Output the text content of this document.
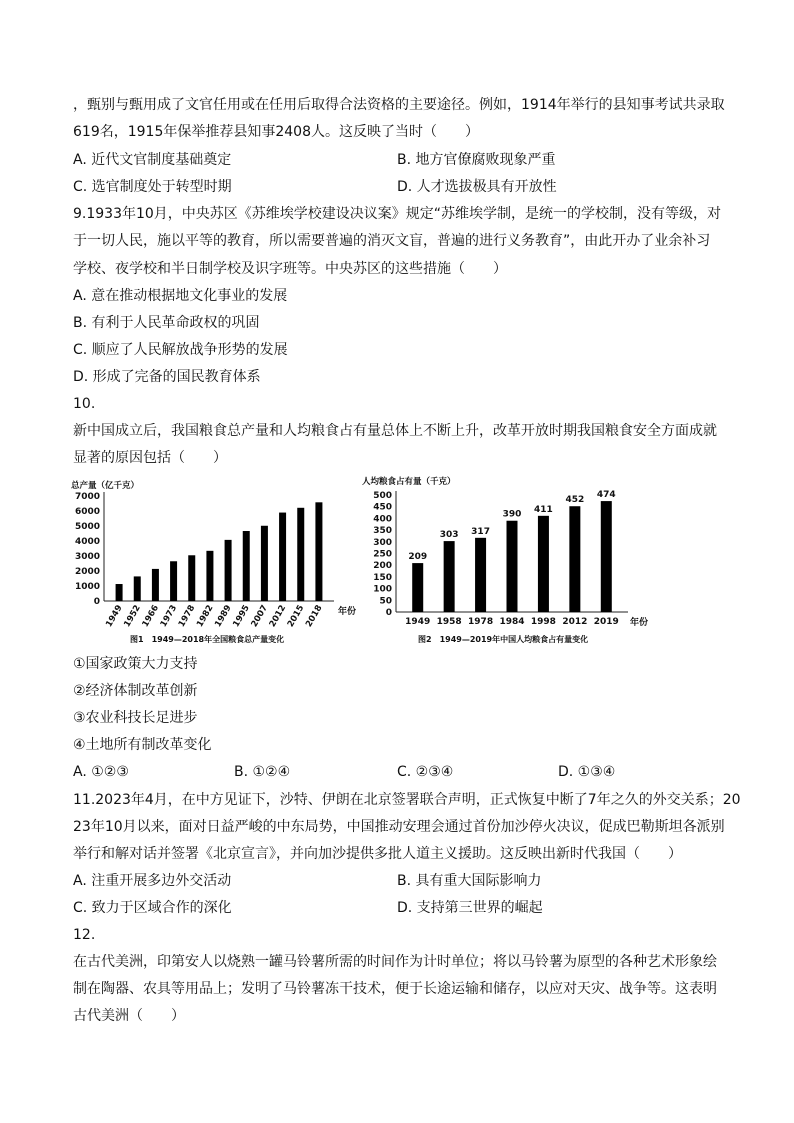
，甄别与甄用成了文官任用或在任用后取得合法资格的主要途径。例如，1914年举行的县知事考试共录取
619名，1915年保举推荐县知事2408人。这反映了当时（　　）
A. 近代文官制度基础奠定	B. 地方官僚腐败现象严重
C. 选官制度处于转型时期	D. 人才选拔极具有开放性
9.1933年10月，中央苏区《苏维埃学校建设决议案》规定“苏维埃学制，是统一的学校制，没有等级，对
于一切人民，施以平等的教育，所以需要普遍的消灭文盲，普遍的进行义务教育”，由此开办了业余补习
学校、夜学校和半日制学校及识字班等。中央苏区的这些措施（　　）
A. 意在推动根据地文化事业的发展
B. 有利于人民革命政权的巩固
C. 顺应了人民解放战争形势的发展
D. 形成了完备的国民教育体系
10.
新中国成立后，我国粮食总产量和人均粮食占有量总体上不断上升，改革开放时期我国粮食安全方面成就
显著的原因包括（　　）
总产量（亿千克）
0
1000
2000
3000
4000
5000
6000
7000
1949
1952
1966
1973
1978
1982
1989
1995
2007
2012
2015
2018 年份
图1　1949—2018年全国粮食总产量变化
人均粮食占有量（千克）
0
50
100
150
200
250
300
350
400
450
500
1949
209
1958
303
1978
317
1984
390
1998
411
2012
452
2019
474
年份
图2　1949—2019年中国人均粮食占有量变化
①国家政策大力支持
②经济体制改革创新
③农业科技长足进步
④土地所有制改革变化
A. ①②③	B. ①②④	C. ②③④	D. ①③④
11.2023年4月，在中方见证下，沙特、伊朗在北京签署联合声明，正式恢复中断了7年之久的外交关系；20
23年10月以来，面对日益严峻的中东局势，中国推动安理会通过首份加沙停火决议，促成巴勒斯坦各派别
举行和解对话并签署《北京宣言》，并向加沙提供多批人道主义援助。这反映出新时代我国（　　）
A. 注重开展多边外交活动	B. 具有重大国际影响力
C. 致力于区域合作的深化	D. 支持第三世界的崛起
12.
在古代美洲，印第安人以烧熟一罐马铃薯所需的时间作为计时单位；将以马铃薯为原型的各种艺术形象绘
制在陶器、农具等用品上；发明了马铃薯冻干技术，便于长途运输和储存，以应对天灾、战争等。这表明
古代美洲（　　）
